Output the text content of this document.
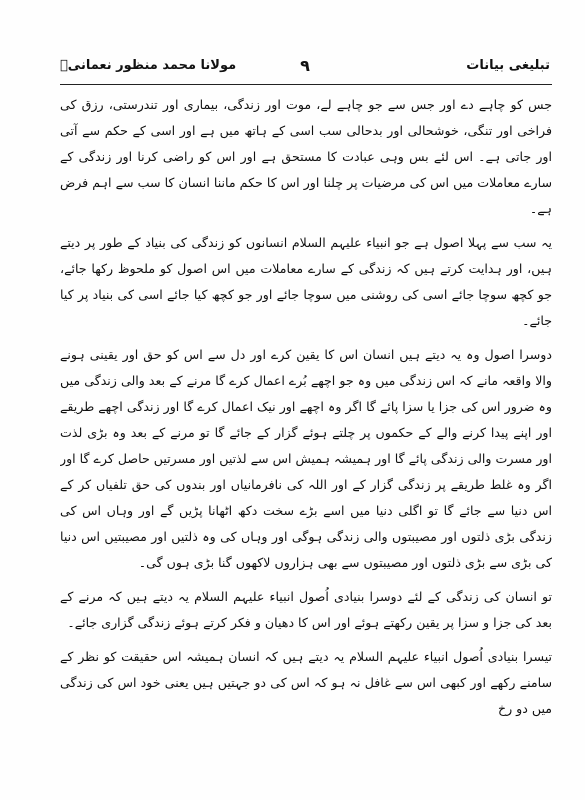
تبلیغی بیانات
۹
مولانا محمد منظور نعمانیؒ

جس کو چاہے دے اور جس سے جو چاہے لے، موت اور زندگی، بیماری اور تندرستی، رزق کی فراخی اور تنگی، خوشحالی اور بدحالی سب اسی کے ہاتھ میں ہے اور اسی کے حکم سے آتی اور جاتی ہے۔ اس لئے بس وہی عبادت کا مستحق ہے اور اس کو راضی کرنا اور زندگی کے سارے معاملات میں اس کی مرضیات پر چلنا اور اس کا حکم ماننا انسان کا سب سے اہم فرض ہے۔

یہ سب سے پہلا اصول ہے جو انبیاء علیہم السلام انسانوں کو زندگی کی بنیاد کے طور پر دیتے ہیں، اور ہدایت کرتے ہیں کہ زندگی کے سارے معاملات میں اس اصول کو ملحوظ رکھا جائے، جو کچھ سوچا جائے اسی کی روشنی میں سوچا جائے اور جو کچھ کیا جائے اسی کی بنیاد پر کیا جائے۔

دوسرا اصول وہ یہ دیتے ہیں انسان اس کا یقین کرے اور دل سے اس کو حق اور یقینی ہونے والا واقعہ مانے کہ اس زندگی میں وہ جو اچھے بُرے اعمال کرے گا مرنے کے بعد والی زندگی میں وہ ضرور اس کی جزا یا سزا پائے گا اگر وہ اچھے اور نیک اعمال کرے گا اور زندگی اچھے طریقے اور اپنے پیدا کرنے والے کے حکموں پر چلتے ہوئے گزار کے جائے گا تو مرنے کے بعد وہ بڑی لذت اور مسرت والی زندگی پائے گا اور ہمیشہ ہمیش اس سے لذتیں اور مسرتیں حاصل کرے گا اور اگر وہ غلط طریقے پر زندگی گزار کے اور اللہ کی نافرمانیاں اور بندوں کی حق تلفیاں کر کے اس دنیا سے جائے گا تو اگلی دنیا میں اسے بڑے سخت دکھ اٹھانا پڑیں گے اور وہاں اس کی زندگی بڑی ذلتوں اور مصیبتوں والی زندگی ہوگی اور وہاں کی وہ ذلتیں اور مصیبتیں اس دنیا کی بڑی سے بڑی ذلتوں اور مصیبتوں سے بھی ہزاروں لاکھوں گنا بڑی ہوں گی۔

تو انسان کی زندگی کے لئے دوسرا بنیادی اُصول انبیاء علیہم السلام یہ دیتے ہیں کہ مرنے کے بعد کی جزا و سزا پر یقین رکھتے ہوئے اور اس کا دھیان و فکر کرتے ہوئے زندگی گزاری جائے۔

تیسرا بنیادی اُصول انبیاء علیہم السلام یہ دیتے ہیں کہ انسان ہمیشہ اس حقیقت کو نظر کے سامنے رکھے اور کبھی اس سے غافل نہ ہو کہ اس کی دو جہتیں ہیں یعنی خود اس کی زندگی میں دو رخ
